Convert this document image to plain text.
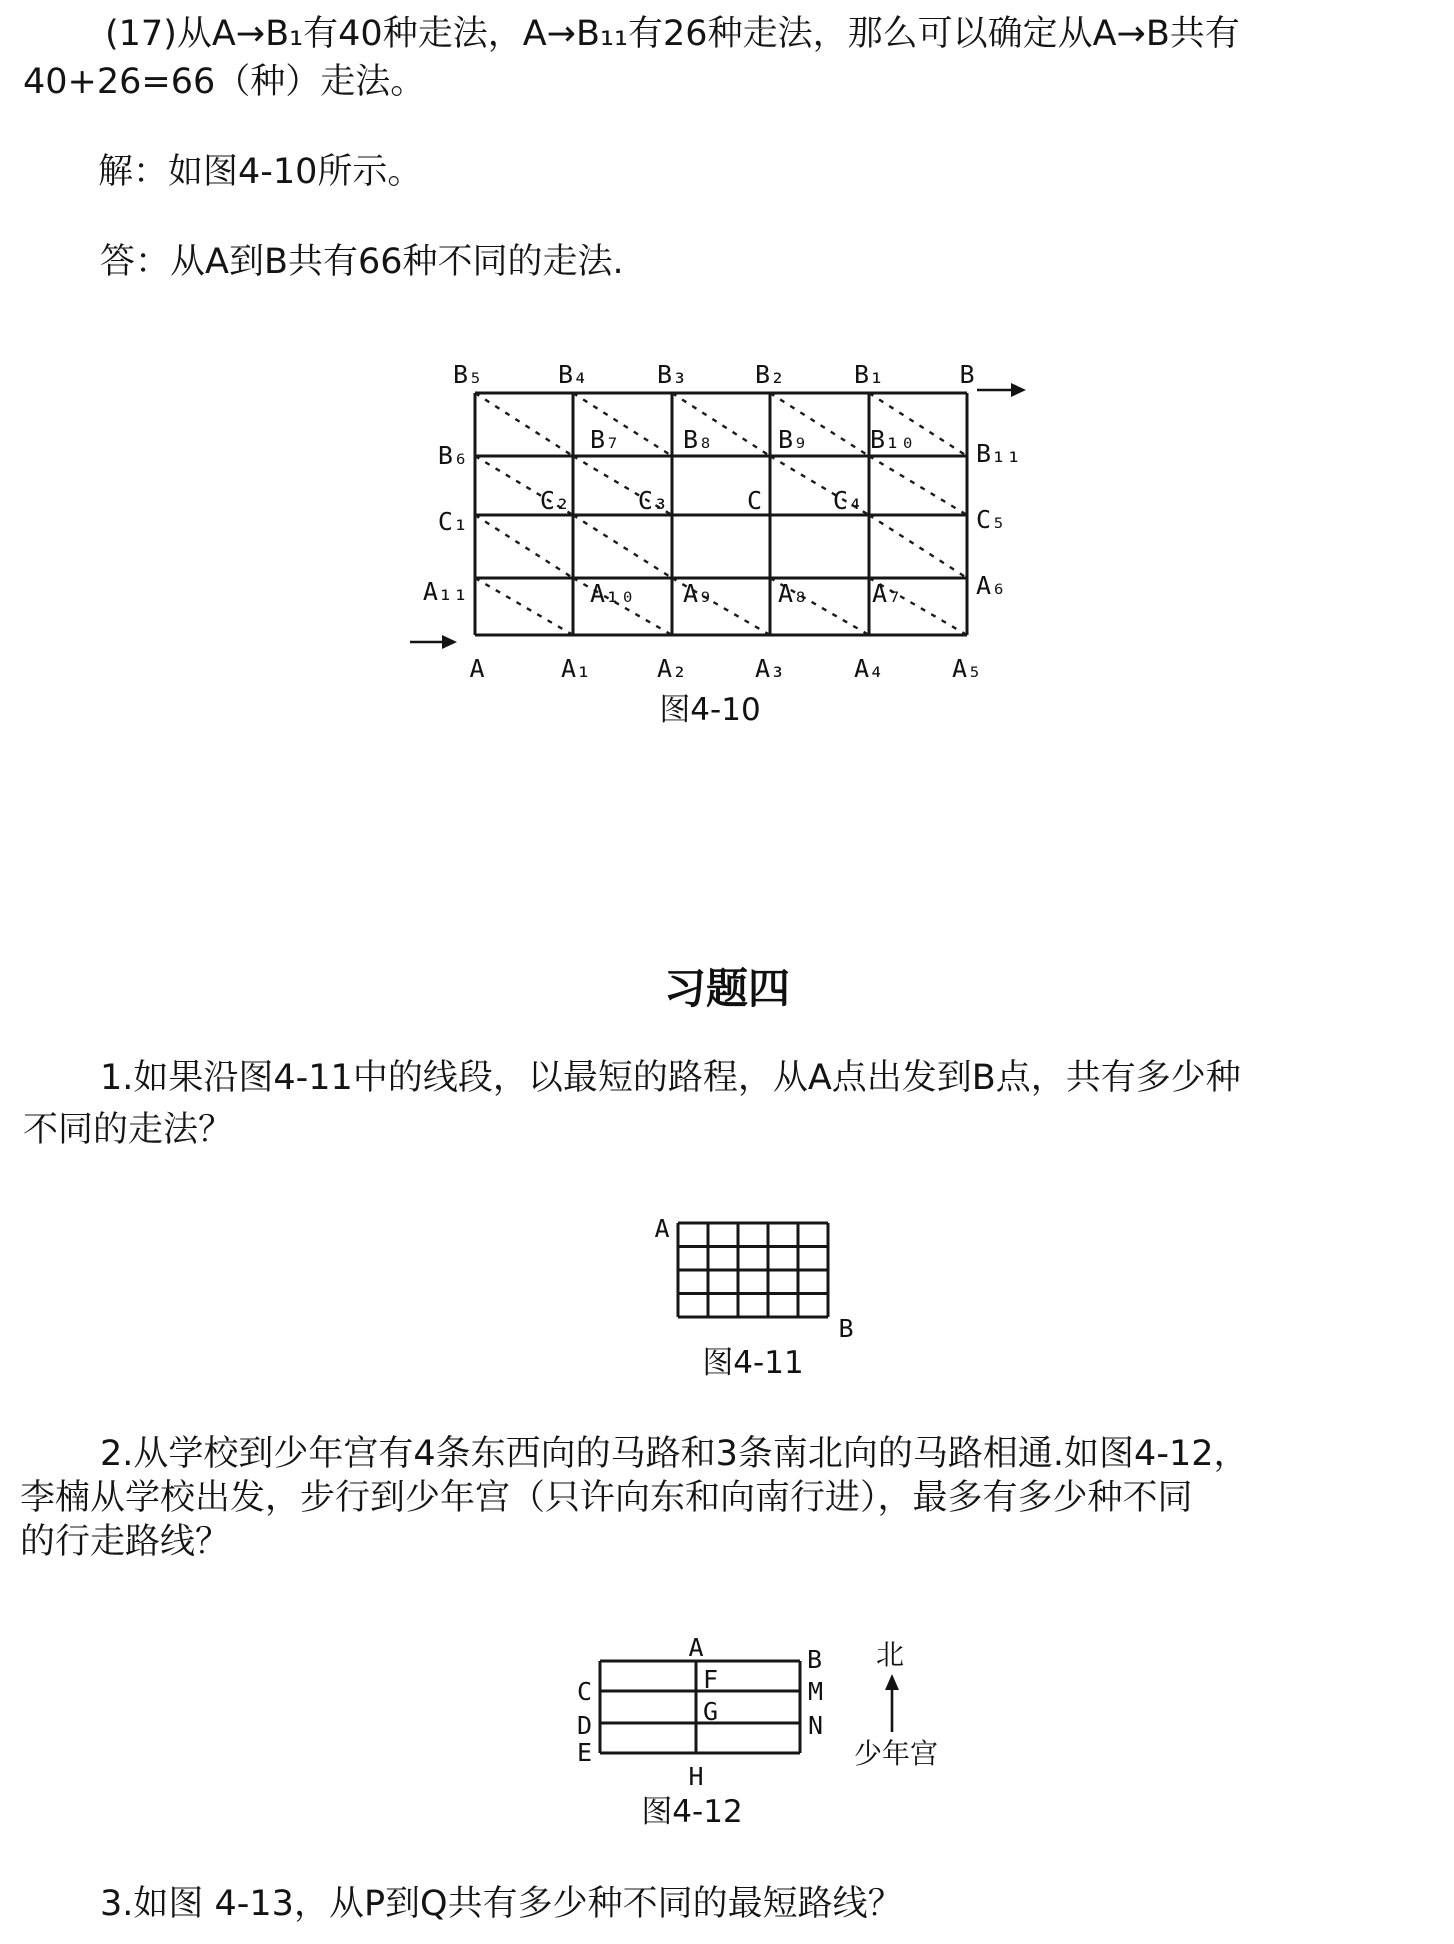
(17)从A→B₁有40种走法，A→B₁₁有26种走法，那么可以确定从A→B共有

40+26=66（种）走法。

解：如图4-10所示。

答：从A到B共有66种不同的走法.

B₅	B₄	B₃	B₂	B₁	B
B₆
C₁
A₁₁
B₁₁
C₅
A₆
B₇	B₈	B₉ B₁₀
C₂	C₃	C	C₄
A₁₀ A₉	A₈	A₇
A	A₁	A₂	A₃	A₄	A₅
图4-10
习题四

1.如果沿图4-11中的线段，以最短的路程，从A点出发到B点，共有多少种

不同的走法？

A
B
图4-11

2.从学校到少年宫有4条东西向的马路和3条南北向的马路相通.如图4-12，

李楠从学校出发，步行到少年宫（只许向东和向南行进），最多有多少种不同

的行走路线？

A	B
C	M
D	N
E
F
G
H
北
少年宫
图4-12

3.如图 4-13，从P到Q共有多少种不同的最短路线？
